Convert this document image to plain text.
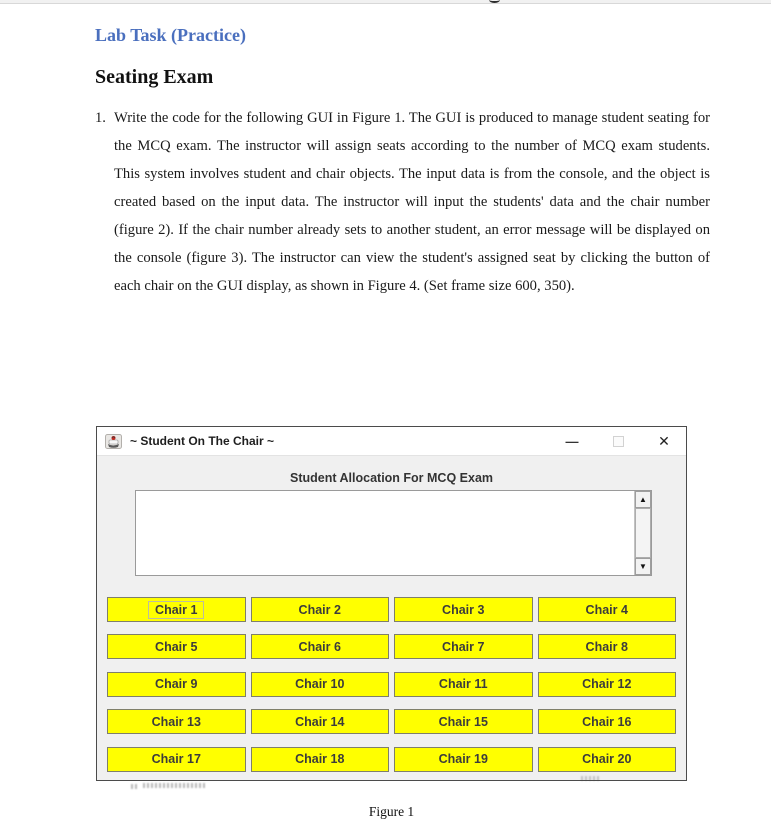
Lab Task (Practice)
Seating Exam
1. Write the code for the following GUI in Figure 1. The GUI is produced to manage student seating for the MCQ exam. The instructor will assign seats according to the number of MCQ exam students. This system involves student and chair objects. The input data is from the console, and the object is created based on the input data. The instructor will input the students' data and the chair number (figure 2). If the chair number already sets to another student, an error message will be displayed on the console (figure 3). The instructor can view the student's assigned seat by clicking the button of each chair on the GUI display, as shown in Figure 4. (Set frame size 600, 350).
~ Student On The Chair ~	—	✕
Student Allocation For MCQ Exam
▲
▼
Chair 1	Chair 2	Chair 3	Chair 4
Chair 5	Chair 6	Chair 7	Chair 8
Chair 9	Chair 10	Chair 11	Chair 12
Chair 13	Chair 14	Chair 15	Chair 16
Chair 17	Chair 18	Chair 19	Chair 20
Figure 1
